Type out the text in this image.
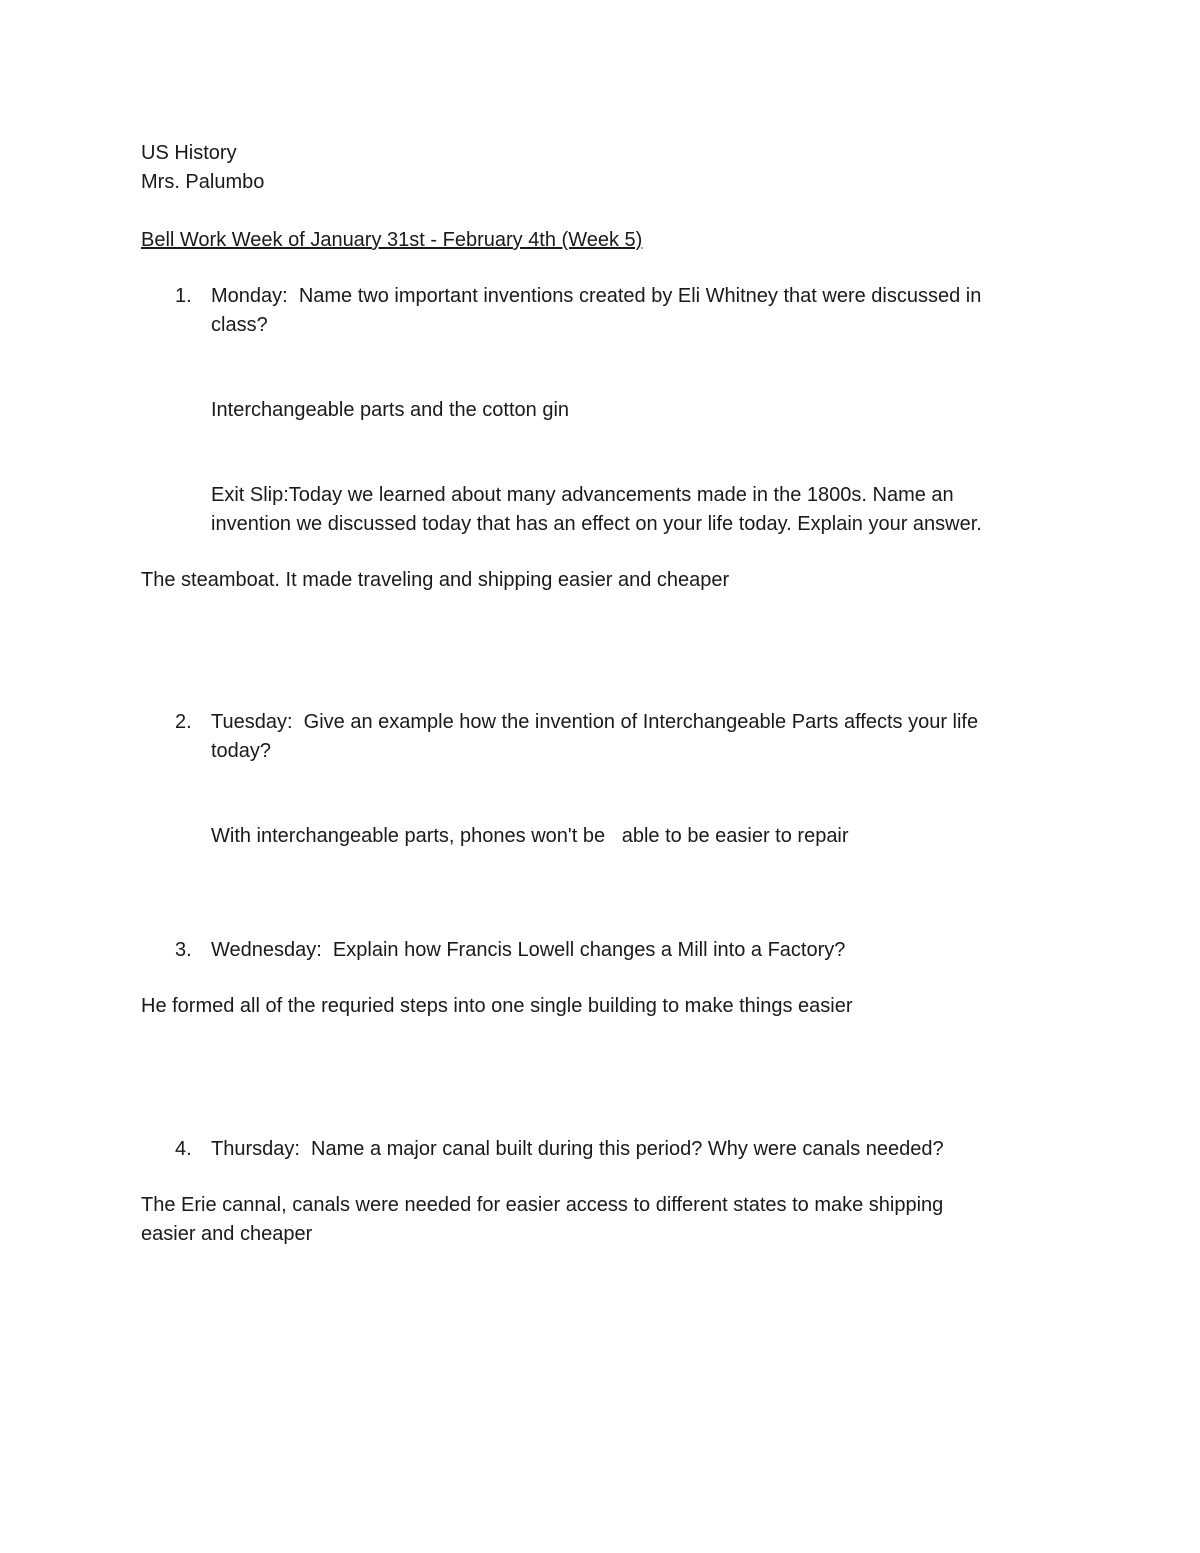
US History

Mrs. Palumbo

Bell Work Week of January 31st - February 4th (Week 5)

1. Monday:  Name two important inventions created by Eli Whitney that were discussed in

class?

Interchangeable parts and the cotton gin

Exit Slip:Today we learned about many advancements made in the 1800s. Name an

invention we discussed today that has an effect on your life today. Explain your answer.

The steamboat. It made traveling and shipping easier and cheaper

2. Tuesday:  Give an example how the invention of Interchangeable Parts affects your life

today?

With interchangeable parts, phones won't be   able to be easier to repair

3. Wednesday:  Explain how Francis Lowell changes a Mill into a Factory?

He formed all of the requried steps into one single building to make things easier

4. Thursday:  Name a major canal built during this period? Why were canals needed?

The Erie cannal, canals were needed for easier access to different states to make shipping

easier and cheaper
